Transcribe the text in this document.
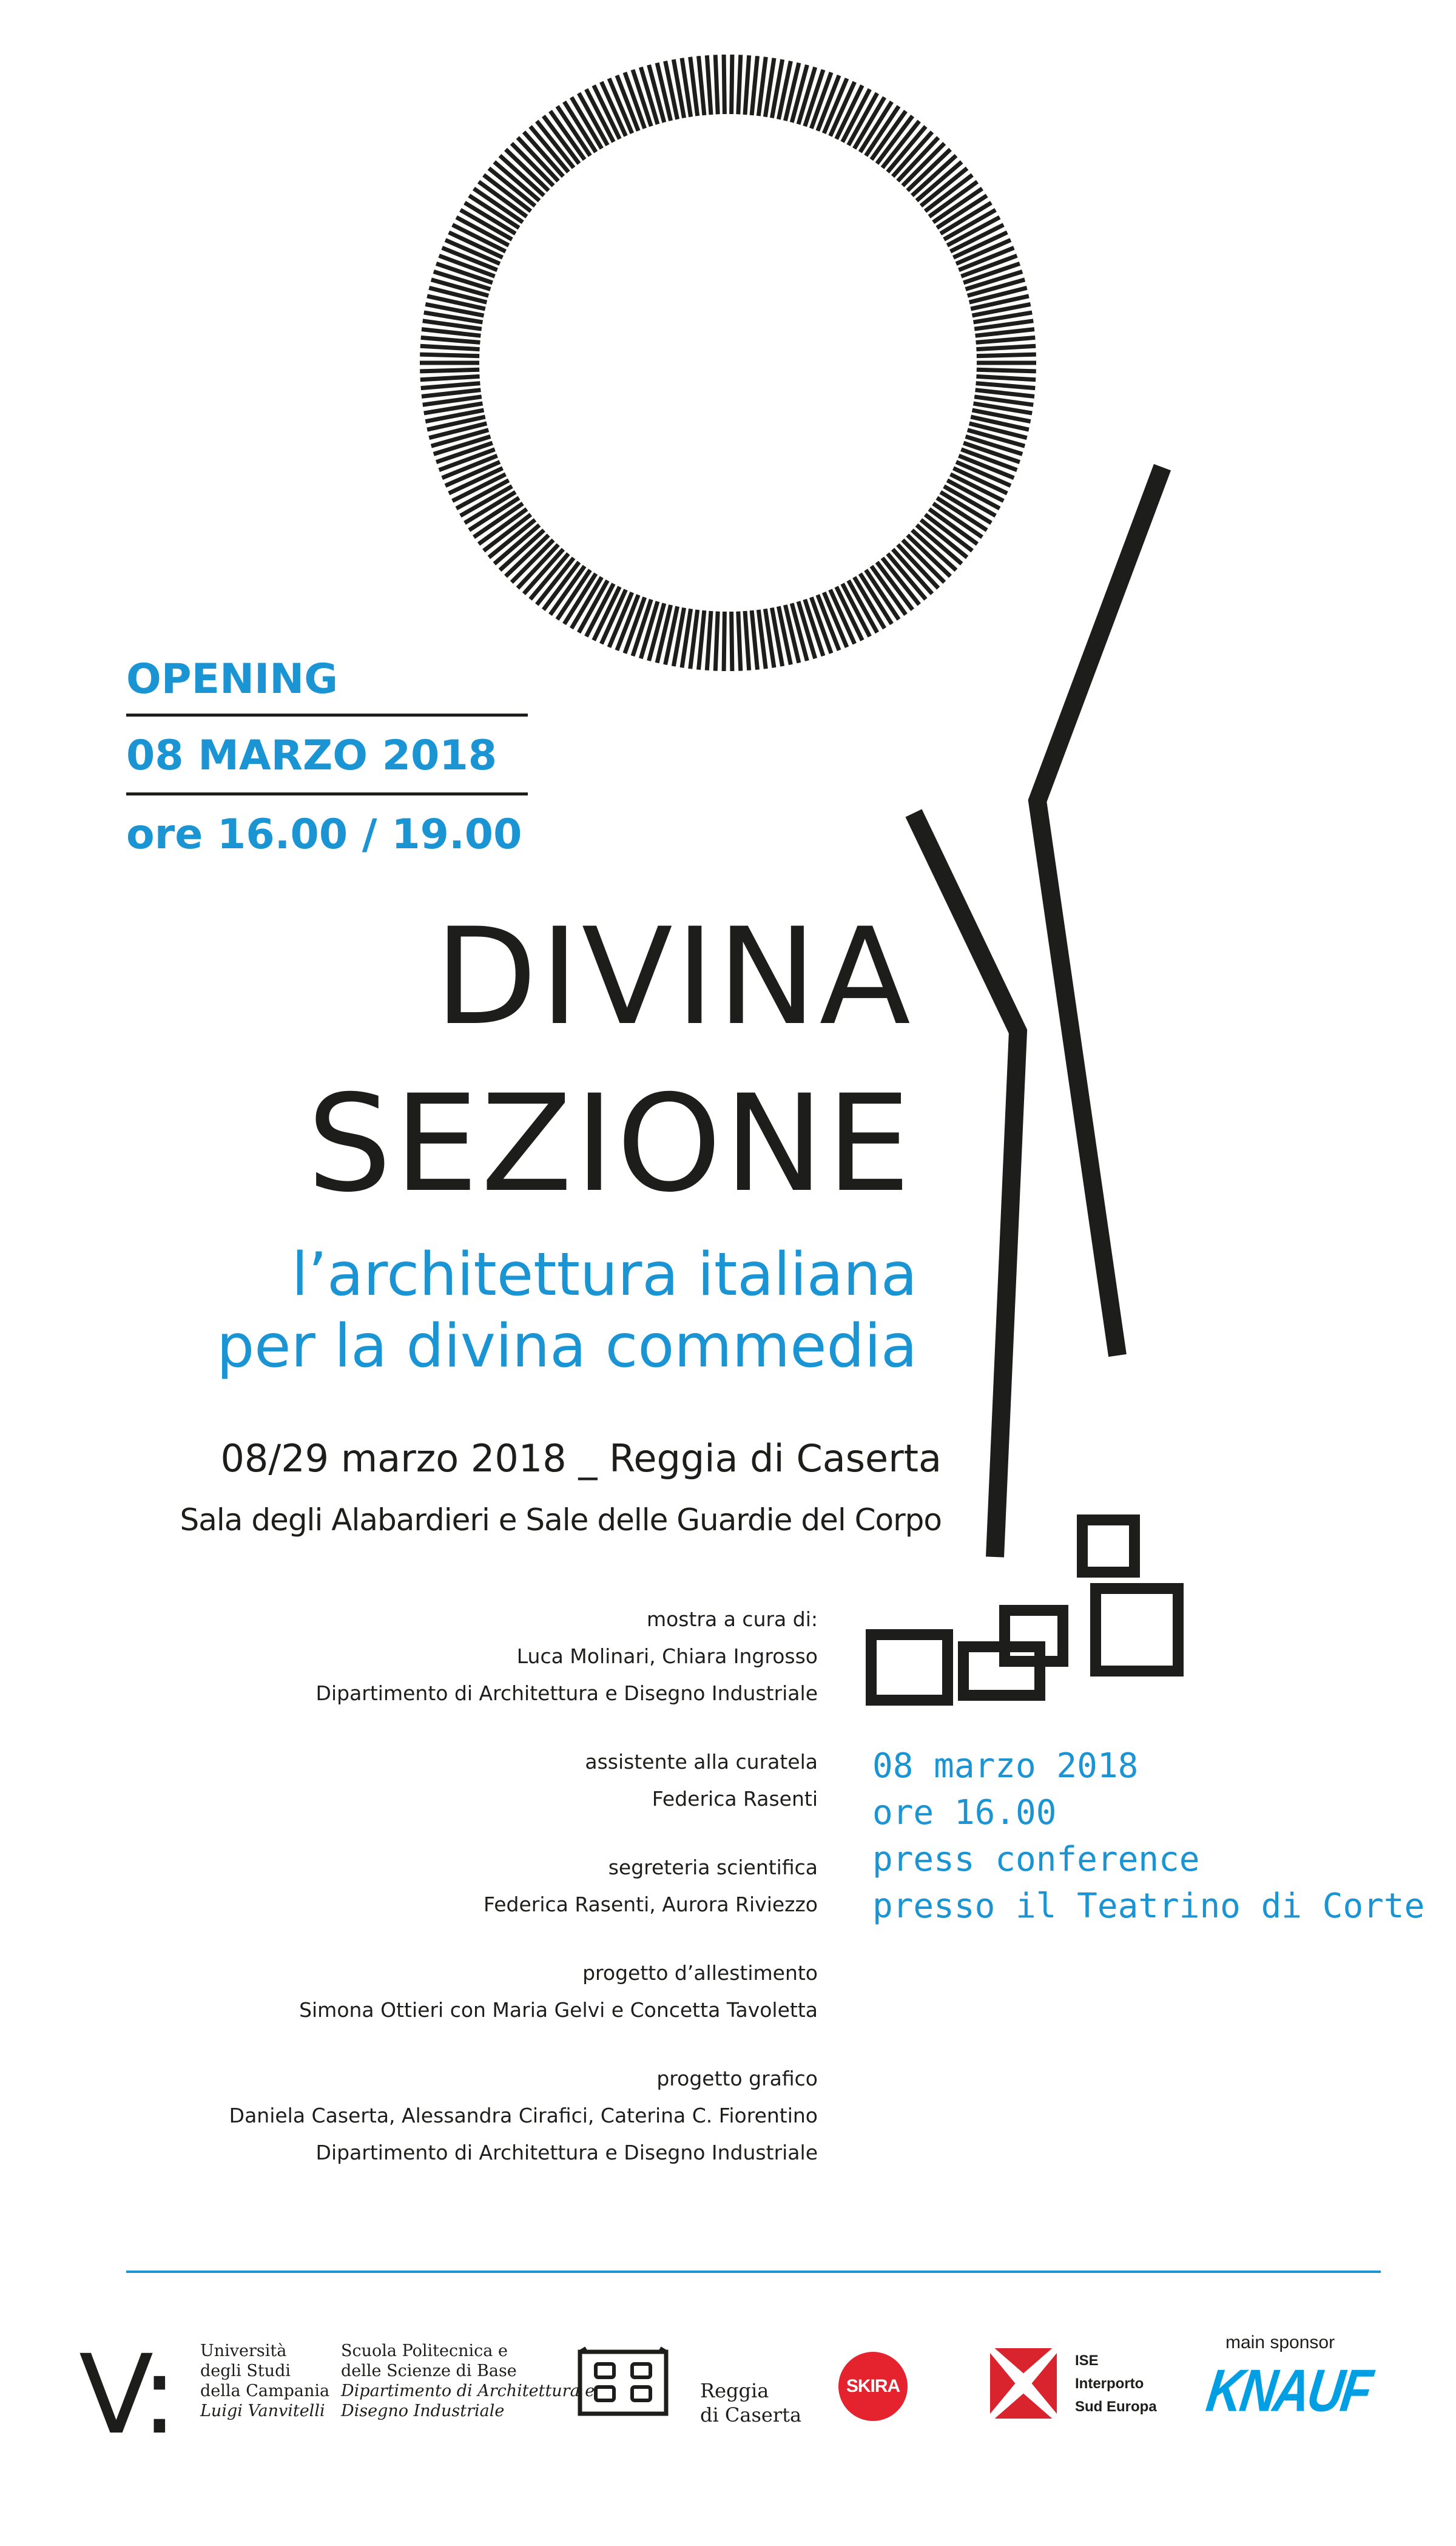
OPENING
08 MARZO 2018
ore 16.00 / 19.00
DIVINA
SEZIONE
l’architettura italiana
per la divina commedia
08/29 marzo 2018 _ Reggia di Caserta
Sala degli Alabardieri e Sale delle Guardie del Corpo
mostra a cura di:
Luca Molinari, Chiara Ingrosso
Dipartimento di Architettura e Disegno Industriale
assistente alla curatela
Federica Rasenti
segreteria scientifica
Federica Rasenti, Aurora Riviezzo
progetto d’allestimento
Simona Ottieri con Maria Gelvi e Concetta Tavoletta
progetto grafico
Daniela Caserta, Alessandra Cirafici, Caterina C. Fiorentino
Dipartimento di Architettura e Disegno Industriale
08 marzo 2018
ore 16.00
press conference
presso il Teatrino di Corte
V: Università
degli Studi
della Campania
Luigi Vanvitelli
Scuola Politecnica e
delle Scienze di Base
Dipartimento di Architettura e
Disegno Industriale
Reggia
di Caserta
SKIRA
ISE
Interporto
Sud Europa
main sponsor
KNAUF
